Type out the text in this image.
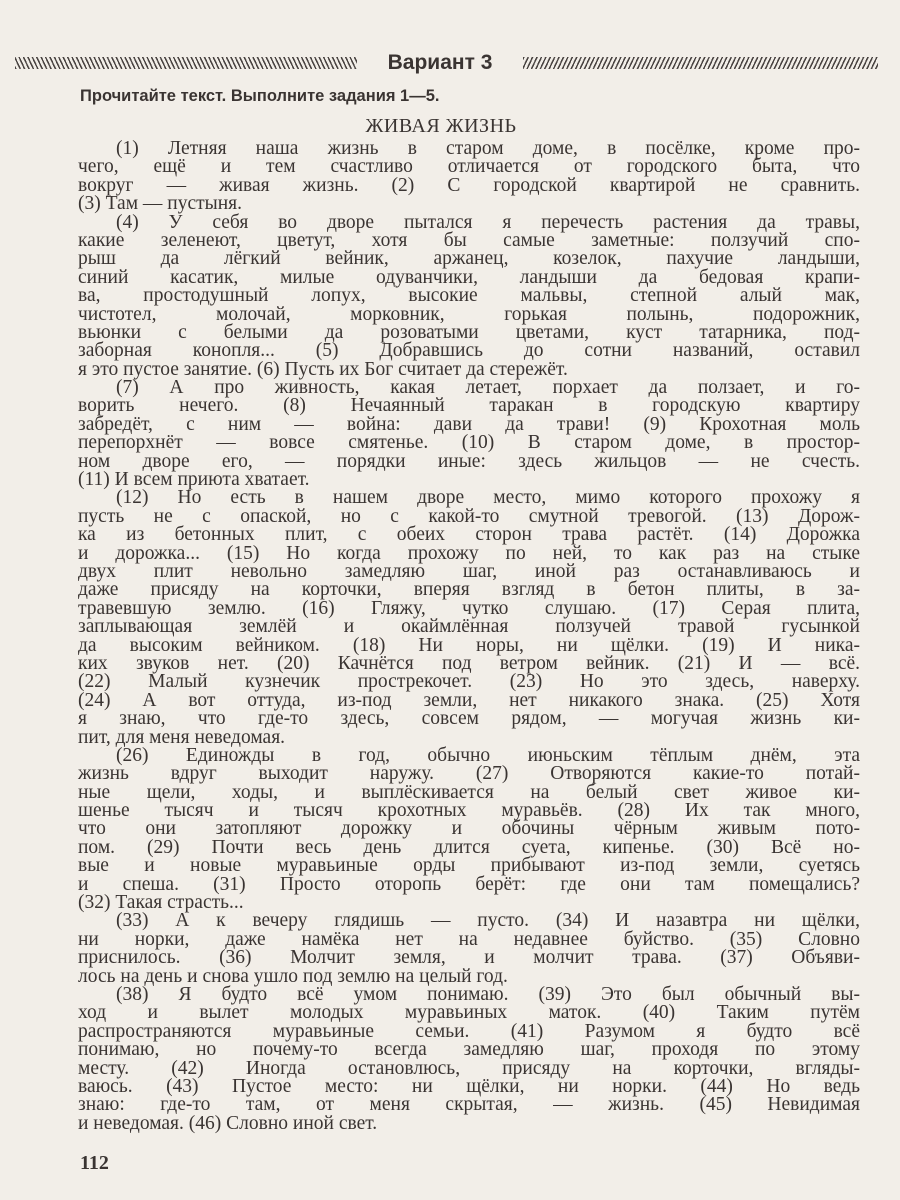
Вариант 3
Прочитайте текст. Выполните задания 1—5.
ЖИВАЯ ЖИЗНЬ
(1) Летняя наша жизнь в старом доме, в посёлке, кроме про-
чего, ещё и тем счастливо отличается от городского быта, что
вокруг — живая жизнь. (2) С городской квартирой не сравнить.
(3) Там — пустыня.
(4) У себя во дворе пытался я перечесть растения да травы,
какие зеленеют, цветут, хотя бы самые заметные: ползучий спо-
рыш да лёгкий вейник, аржанец, козелок, пахучие ландыши,
синий касатик, милые одуванчики, ландыши да бедовая крапи-
ва, простодушный лопух, высокие мальвы, степной алый мак,
чистотел, молочай, морковник, горькая полынь, подорожник,
вьюнки с белыми да розоватыми цветами, куст татарника, под-
заборная конопля... (5) Добравшись до сотни названий, оставил
я это пустое занятие. (6) Пусть их Бог считает да стережёт.
(7) А про живность, какая летает, порхает да ползает, и го-
ворить нечего. (8) Нечаянный таракан в городскую квартиру
забредёт, с ним — война: дави да трави! (9) Крохотная моль
перепорхнёт — вовсе смятенье. (10) В старом доме, в простор-
ном дворе его, — порядки иные: здесь жильцов — не счесть.
(11) И всем приюта хватает.
(12) Но есть в нашем дворе место, мимо которого прохожу я
пусть не с опаской, но с какой-то смутной тревогой. (13) Дорож-
ка из бетонных плит, с обеих сторон трава растёт. (14) Дорожка
и дорожка... (15) Но когда прохожу по ней, то как раз на стыке
двух плит невольно замедляю шаг, иной раз останавливаюсь и
даже присяду на корточки, вперяя взгляд в бетон плиты, в за-
травевшую землю. (16) Гляжу, чутко слушаю. (17) Серая плита,
заплывающая землёй и окаймлённая ползучей травой гусынкой
да высоким вейником. (18) Ни норы, ни щёлки. (19) И ника-
ких звуков нет. (20) Качнётся под ветром вейник. (21) И — всё.
(22) Малый кузнечик прострекочет. (23) Но это здесь, наверху.
(24) А вот оттуда, из-под земли, нет никакого знака. (25) Хотя
я знаю, что где-то здесь, совсем рядом, — могучая жизнь ки-
пит, для меня неведомая.
(26) Единожды в год, обычно июньским тёплым днём, эта
жизнь вдруг выходит наружу. (27) Отворяются какие-то потай-
ные щели, ходы, и выплёскивается на белый свет живое ки-
шенье тысяч и тысяч крохотных муравьёв. (28) Их так много,
что они затопляют дорожку и обочины чёрным живым пото-
пом. (29) Почти весь день длится суета, кипенье. (30) Всё но-
вые и новые муравьиные орды прибывают из-под земли, суетясь
и спеша. (31) Просто оторопь берёт: где они там помещались?
(32) Такая страсть...
(33) А к вечеру глядишь — пусто. (34) И назавтра ни щёлки,
ни норки, даже намёка нет на недавнее буйство. (35) Словно
приснилось. (36) Молчит земля, и молчит трава. (37) Объяви-
лось на день и снова ушло под землю на целый год.
(38) Я будто всё умом понимаю. (39) Это был обычный вы-
ход и вылет молодых муравьиных маток. (40) Таким путём
распространяются муравьиные семьи. (41) Разумом я будто всё
понимаю, но почему-то всегда замедляю шаг, проходя по этому
месту. (42) Иногда остановлюсь, присяду на корточки, вгляды-
ваюсь. (43) Пустое место: ни щёлки, ни норки. (44) Но ведь
знаю: где-то там, от меня скрытая, — жизнь. (45) Невидимая
и неведомая. (46) Словно иной свет.
112
